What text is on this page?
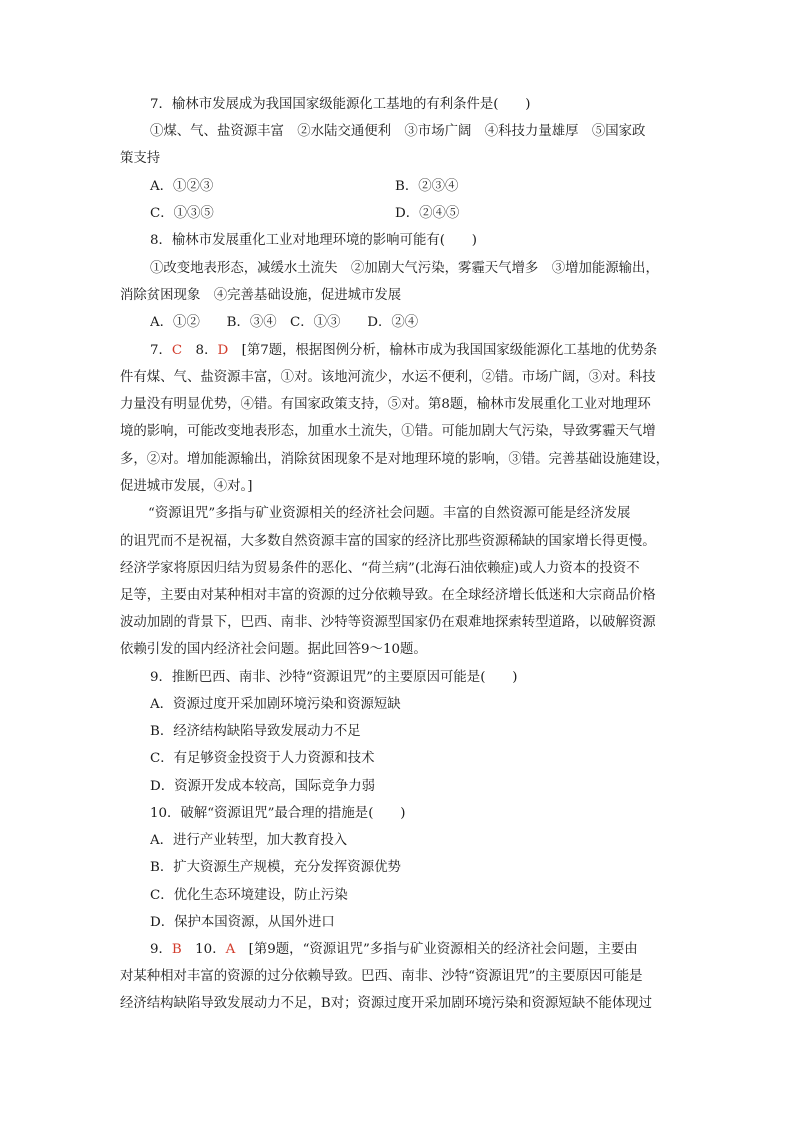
7．榆林市发展成为我国国家级能源化工基地的有利条件是(　　)
①煤、气、盐资源丰富　②水陆交通便利　③市场广阔　④科技力量雄厚　⑤国家政
策支持
A．①②③	B．②③④
C．①③⑤	D．②④⑤
8．榆林市发展重化工业对地理环境的影响可能有(　　)
①改变地表形态，减缓水土流失　②加剧大气污染，雾霾天气增多　③增加能源输出，
消除贫困现象　④完善基础设施，促进城市发展
A．①②　　B．③④　C．①③　　D．②④
7．C　8．D　[第7题，根据图例分析，榆林市成为我国国家级能源化工基地的优势条
件有煤、气、盐资源丰富，①对。该地河流少，水运不便利，②错。市场广阔，③对。科技
力量没有明显优势，④错。有国家政策支持，⑤对。第8题，榆林市发展重化工业对地理环
境的影响，可能改变地表形态，加重水土流失，①错。可能加剧大气污染，导致雾霾天气增
多，②对。增加能源输出，消除贫困现象不是对地理环境的影响，③错。完善基础设施建设，
促进城市发展，④对。]
“资源诅咒”多指与矿业资源相关的经济社会问题。丰富的自然资源可能是经济发展
的诅咒而不是祝福，大多数自然资源丰富的国家的经济比那些资源稀缺的国家增长得更慢。
经济学家将原因归结为贸易条件的恶化、“荷兰病”(北海石油依赖症)或人力资本的投资不
足等，主要由对某种相对丰富的资源的过分依赖导致。在全球经济增长低迷和大宗商品价格
波动加剧的背景下，巴西、南非、沙特等资源型国家仍在艰难地探索转型道路，以破解资源
依赖引发的国内经济社会问题。据此回答9～10题。
9．推断巴西、南非、沙特“资源诅咒”的主要原因可能是(　　)
A．资源过度开采加剧环境污染和资源短缺
B．经济结构缺陷导致发展动力不足
C．有足够资金投资于人力资源和技术
D．资源开发成本较高，国际竞争力弱
10．破解“资源诅咒”最合理的措施是(　　)
A．进行产业转型，加大教育投入
B．扩大资源生产规模，充分发挥资源优势
C．优化生态环境建设，防止污染
D．保护本国资源，从国外进口
9．B　10．A　[第9题，“资源诅咒”多指与矿业资源相关的经济社会问题，主要由
对某种相对丰富的资源的过分依赖导致。巴西、南非、沙特“资源诅咒”的主要原因可能是
经济结构缺陷导致发展动力不足，B对；资源过度开采加剧环境污染和资源短缺不能体现过
